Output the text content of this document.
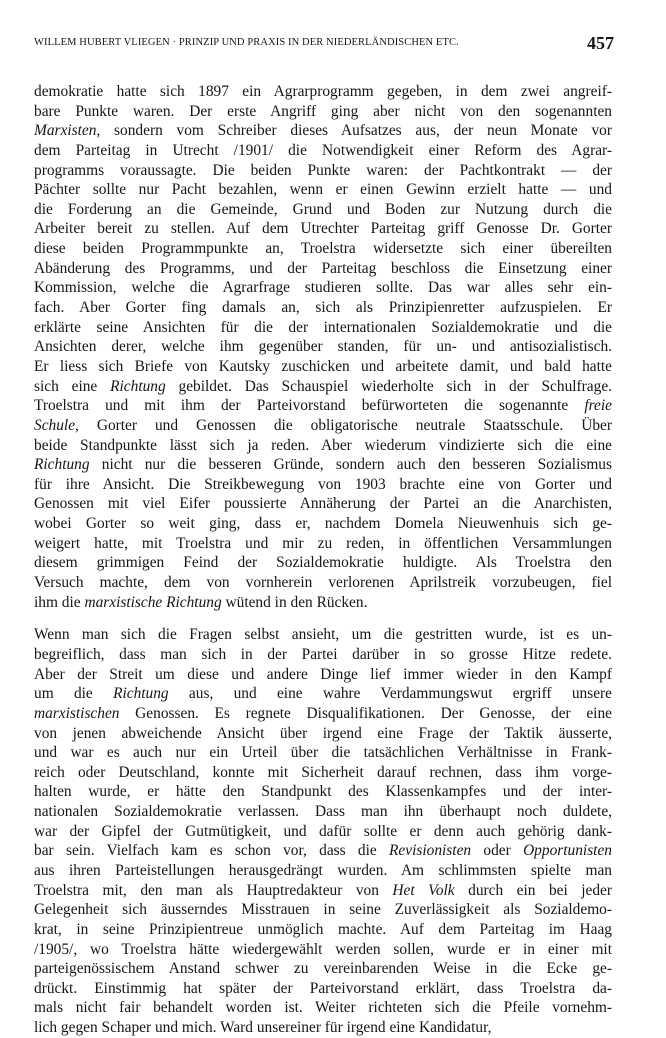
WILLEM HUBERT VLIEGEN · PRINZIP UND PRAXIS IN DER NIEDERLÄNDISCHEN ETC.	457
demokratie hatte sich 1897 ein Agrarprogramm gegeben, in dem zwei angreif-
bare Punkte waren. Der erste Angriff ging aber nicht von den sogenannten
Marxisten, sondern vom Schreiber dieses Aufsatzes aus, der neun Monate vor
dem Parteitag in Utrecht /1901/ die Notwendigkeit einer Reform des Agrar-
programms voraussagte. Die beiden Punkte waren: der Pachtkontrakt — der
Pächter sollte nur Pacht bezahlen, wenn er einen Gewinn erzielt hatte — und
die Forderung an die Gemeinde, Grund und Boden zur Nutzung durch die
Arbeiter bereit zu stellen. Auf dem Utrechter Parteitag griff Genosse Dr. Gorter
diese beiden Programmpunkte an, Troelstra widersetzte sich einer übereilten
Abänderung des Programms, und der Parteitag beschloss die Einsetzung einer
Kommission, welche die Agrarfrage studieren sollte. Das war alles sehr ein-
fach. Aber Gorter fing damals an, sich als Prinzipienretter aufzuspielen. Er
erklärte seine Ansichten für die der internationalen Sozialdemokratie und die
Ansichten derer, welche ihm gegenüber standen, für un- und antisozialistisch.
Er liess sich Briefe von Kautsky zuschicken und arbeitete damit, und bald hatte
sich eine Richtung gebildet. Das Schauspiel wiederholte sich in der Schulfrage.
Troelstra und mit ihm der Parteivorstand befürworteten die sogenannte freie
Schule, Gorter und Genossen die obligatorische neutrale Staatsschule. Über
beide Standpunkte lässt sich ja reden. Aber wiederum vindizierte sich die eine
Richtung nicht nur die besseren Gründe, sondern auch den besseren Sozialismus
für ihre Ansicht. Die Streikbewegung von 1903 brachte eine von Gorter und
Genossen mit viel Eifer poussierte Annäherung der Partei an die Anarchisten,
wobei Gorter so weit ging, dass er, nachdem Domela Nieuwenhuis sich ge-
weigert hatte, mit Troelstra und mir zu reden, in öffentlichen Versammlungen
diesem grimmigen Feind der Sozialdemokratie huldigte. Als Troelstra den
Versuch machte, dem von vornherein verlorenen Aprilstreik vorzubeugen, fiel
ihm die marxistische Richtung wütend in den Rücken.
Wenn man sich die Fragen selbst ansieht, um die gestritten wurde, ist es un-
begreiflich, dass man sich in der Partei darüber in so grosse Hitze redete.
Aber der Streit um diese und andere Dinge lief immer wieder in den Kampf
um die Richtung aus, und eine wahre Verdammungswut ergriff unsere
marxistischen Genossen. Es regnete Disqualifikationen. Der Genosse, der eine
von jenen abweichende Ansicht über irgend eine Frage der Taktik äusserte,
und war es auch nur ein Urteil über die tatsächlichen Verhältnisse in Frank-
reich oder Deutschland, konnte mit Sicherheit darauf rechnen, dass ihm vorge-
halten wurde, er hätte den Standpunkt des Klassenkampfes und der inter-
nationalen Sozialdemokratie verlassen. Dass man ihn überhaupt noch duldete,
war der Gipfel der Gutmütigkeit, und dafür sollte er denn auch gehörig dank-
bar sein. Vielfach kam es schon vor, dass die Revisionisten oder Opportunisten
aus ihren Parteistellungen herausgedrängt wurden. Am schlimmsten spielte man
Troelstra mit, den man als Hauptredakteur von Het Volk durch ein bei jeder
Gelegenheit sich äusserndes Misstrauen in seine Zuverlässigkeit als Sozialdemo-
krat, in seine Prinzipientreue unmöglich machte. Auf dem Parteitag im Haag
/1905/, wo Troelstra hätte wiedergewählt werden sollen, wurde er in einer mit
parteigenössischem Anstand schwer zu vereinbarenden Weise in die Ecke ge-
drückt. Einstimmig hat später der Parteivorstand erklärt, dass Troelstra da-
mals nicht fair behandelt worden ist. Weiter richteten sich die Pfeile vornehm-
lich gegen Schaper und mich. Ward unsereiner für irgend eine Kandidatur,
